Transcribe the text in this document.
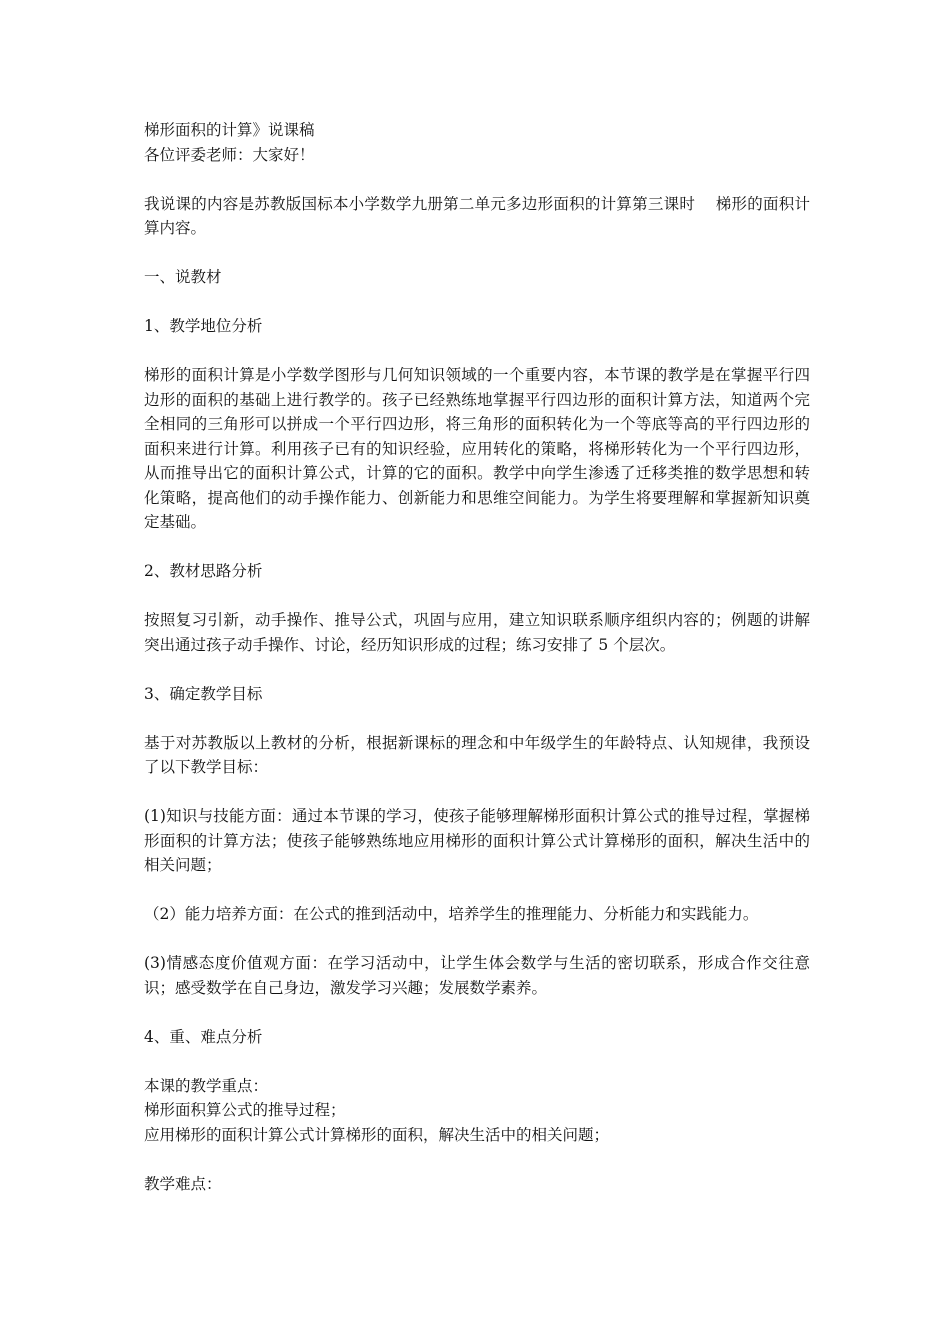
梯形面积的计算》说课稿

各位评委老师：大家好！

我说课的内容是苏教版国标本小学数学九册第二单元多边形面积的计算第三课时    梯形的面积计算内容。

一、说教材

1、教学地位分析

梯形的面积计算是小学数学图形与几何知识领域的一个重要内容，本节课的教学是在掌握平行四边形的面积的基础上进行教学的。孩子已经熟练地掌握平行四边形的面积计算方法，知道两个完全相同的三角形可以拼成一个平行四边形，将三角形的面积转化为一个等底等高的平行四边形的面积来进行计算。利用孩子已有的知识经验，应用转化的策略，将梯形转化为一个平行四边形，从而推导出它的面积计算公式，计算的它的面积。教学中向学生渗透了迁移类推的数学思想和转化策略，提高他们的动手操作能力、创新能力和思维空间能力。为学生将要理解和掌握新知识奠定基础。

2、教材思路分析

按照复习引新，动手操作、推导公式，巩固与应用，建立知识联系顺序组织内容的；例题的讲解突出通过孩子动手操作、讨论，经历知识形成的过程；练习安排了 5 个层次。

3、确定教学目标

基于对苏教版以上教材的分析，根据新课标的理念和中年级学生的年龄特点、认知规律，我预设了以下教学目标：

(1)知识与技能方面：通过本节课的学习，使孩子能够理解梯形面积计算公式的推导过程，掌握梯形面积的计算方法；使孩子能够熟练地应用梯形的面积计算公式计算梯形的面积，解决生活中的相关问题；

（2）能力培养方面：在公式的推到活动中，培养学生的推理能力、分析能力和实践能力。

(3)情感态度价值观方面：在学习活动中，让学生体会数学与生活的密切联系，形成合作交往意识；感受数学在自己身边，激发学习兴趣；发展数学素养。

4、重、难点分析

本课的教学重点：

梯形面积算公式的推导过程；

应用梯形的面积计算公式计算梯形的面积，解决生活中的相关问题；

教学难点：
